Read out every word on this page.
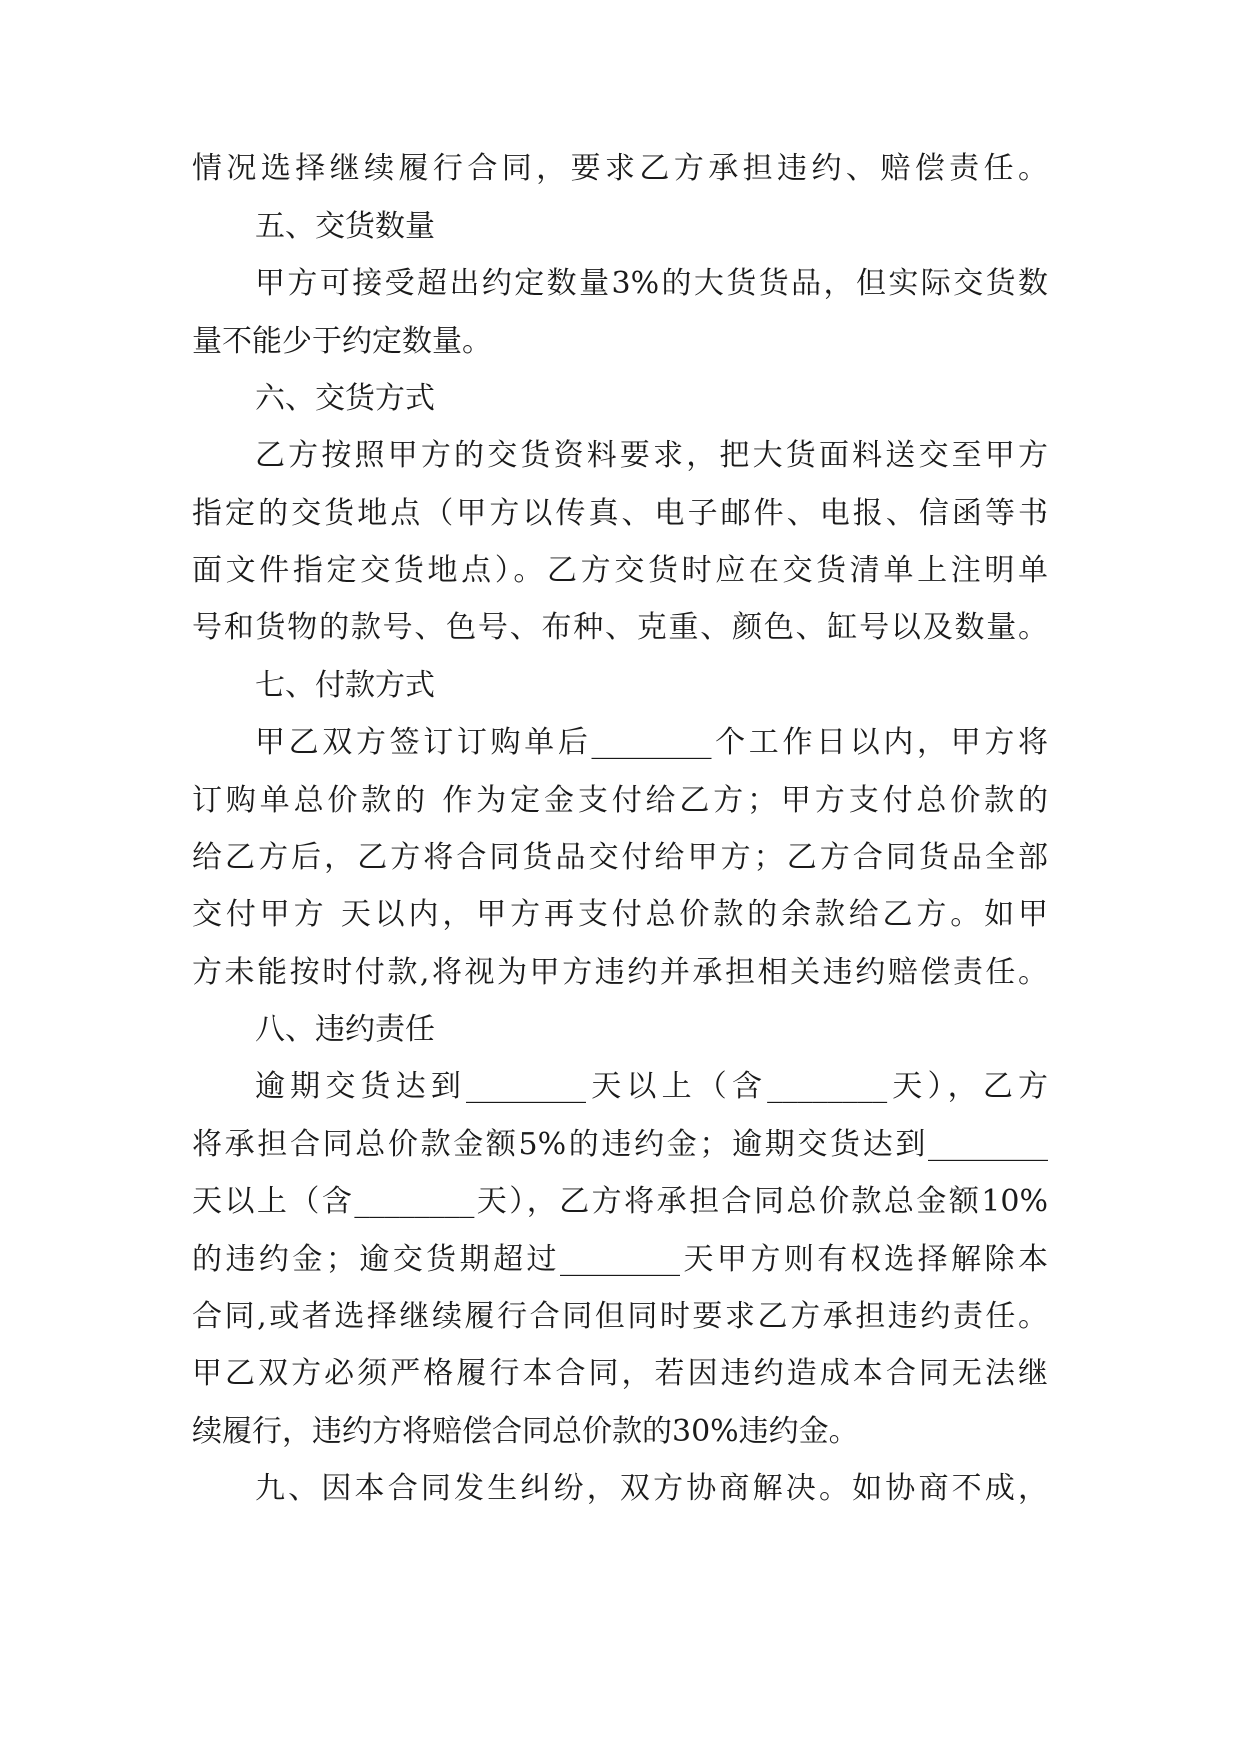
情况选择继续履行合同，要求乙方承担违约、赔偿责任。
五、交货数量
甲方可接受超出约定数量3%的大货货品，但实际交货数
量不能少于约定数量。
六、交货方式
乙方按照甲方的交货资料要求，把大货面料送交至甲方
指定的交货地点（甲方以传真、电子邮件、电报、信函等书
面文件指定交货地点）。乙方交货时应在交货清单上注明单
号和货物的款号、色号、布种、克重、颜色、缸号以及数量。
七、付款方式
甲乙双方签订订购单后________个工作日以内，甲方将
订购单总价款的 作为定金支付给乙方；甲方支付总价款的
给乙方后，乙方将合同货品交付给甲方；乙方合同货品全部
交付甲方 天以内，甲方再支付总价款的余款给乙方。如甲
方未能按时付款,将视为甲方违约并承担相关违约赔偿责任。
八、违约责任
逾期交货达到________天以上（含________天），乙方
将承担合同总价款金额5%的违约金；逾期交货达到________
天以上（含________天），乙方将承担合同总价款总金额10%
的违约金；逾交货期超过________天甲方则有权选择解除本
合同,或者选择继续履行合同但同时要求乙方承担违约责任。
甲乙双方必须严格履行本合同，若因违约造成本合同无法继
续履行，违约方将赔偿合同总价款的30%违约金。
九、因本合同发生纠纷，双方协商解决。如协商不成，
